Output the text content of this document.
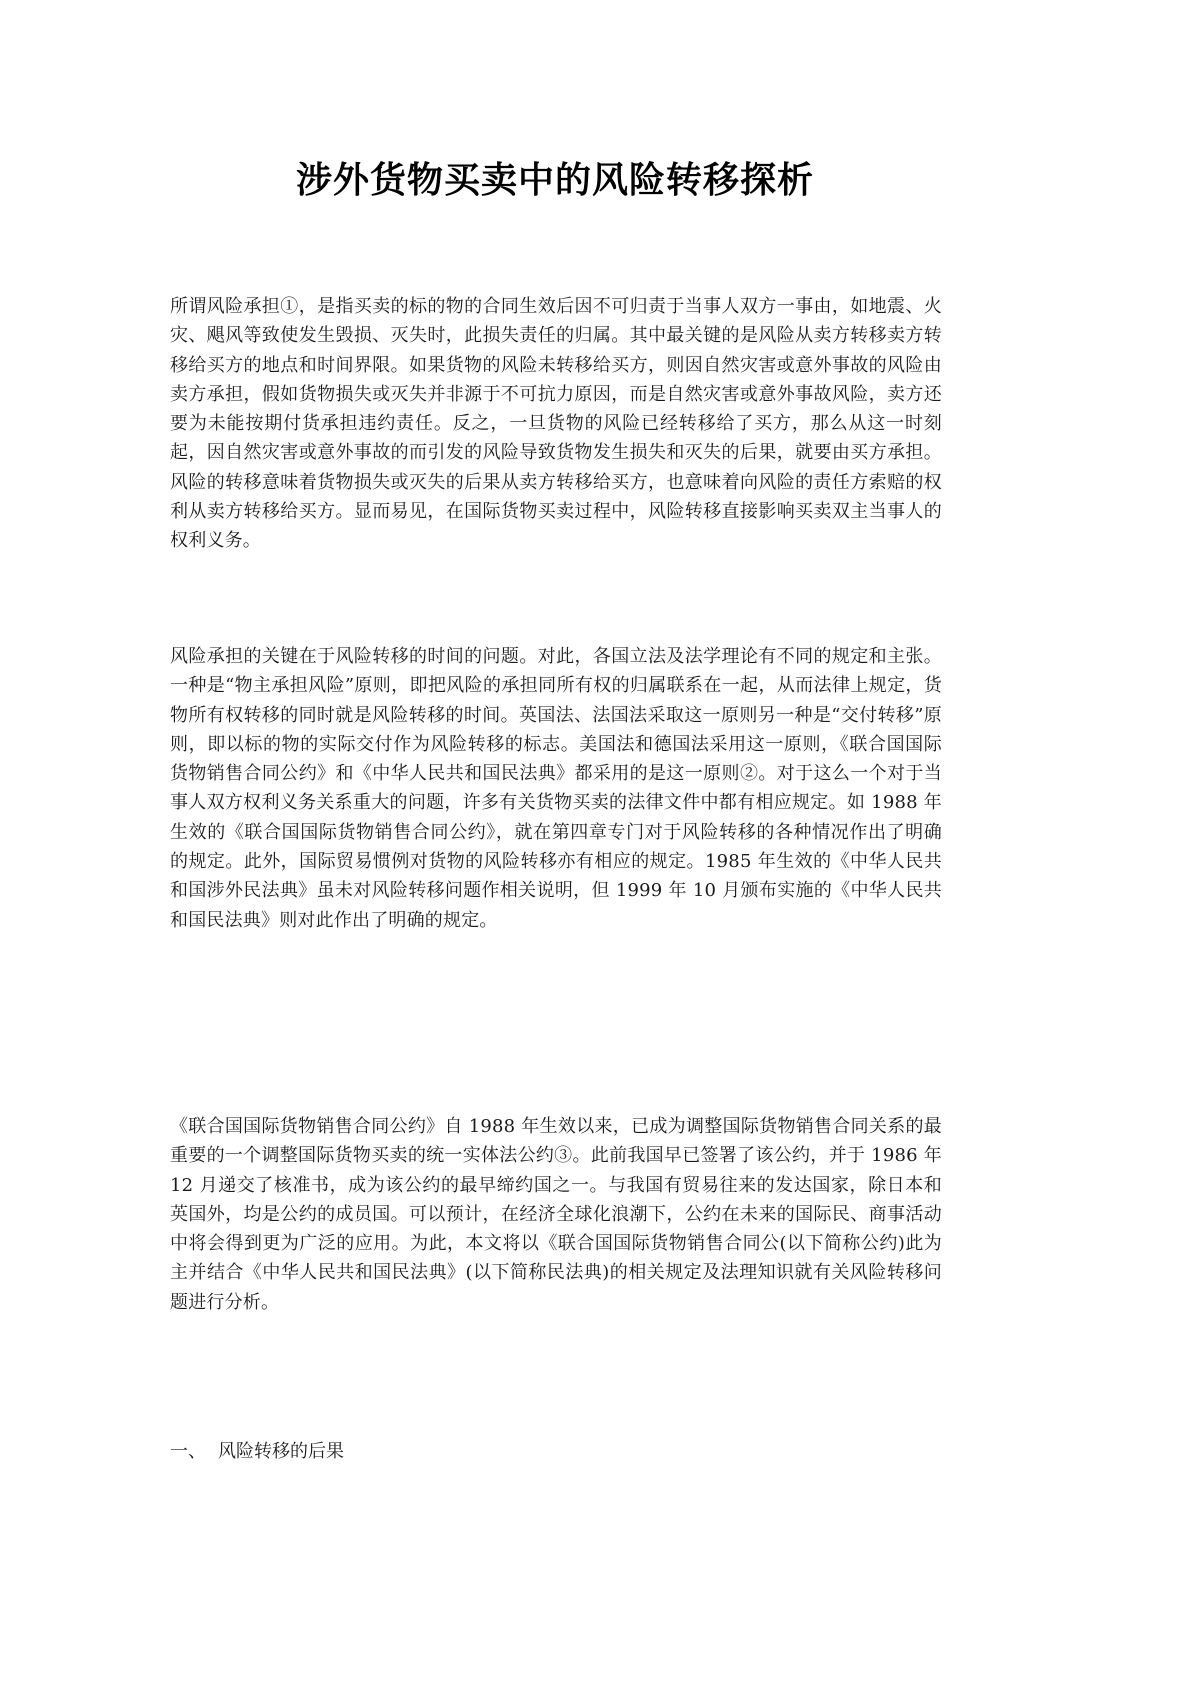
涉外货物买卖中的风险转移探析

所谓风险承担①，是指买卖的标的物的合同生效后因不可归责于当事人双方一事由，如地震、火灾、飓风等致使发生毁损、灭失时，此损失责任的归属。其中最关键的是风险从卖方转移卖方转移给买方的地点和时间界限。如果货物的风险未转移给买方，则因自然灾害或意外事故的风险由卖方承担，假如货物损失或灭失并非源于不可抗力原因，而是自然灾害或意外事故风险，卖方还要为未能按期付货承担违约责任。反之，一旦货物的风险已经转移给了买方，那么从这一时刻起，因自然灾害或意外事故的而引发的风险导致货物发生损失和灭失的后果，就要由买方承担。风险的转移意味着货物损失或灭失的后果从卖方转移给买方，也意味着向风险的责任方索赔的权利从卖方转移给买方。显而易见，在国际货物买卖过程中，风险转移直接影响买卖双主当事人的权利义务。

风险承担的关键在于风险转移的时间的问题。对此，各国立法及法学理论有不同的规定和主张。一种是“物主承担风险”原则，即把风险的承担同所有权的归属联系在一起，从而法律上规定，货物所有权转移的同时就是风险转移的时间。英国法、法国法采取这一原则另一种是“交付转移”原则，即以标的物的实际交付作为风险转移的标志。美国法和德国法采用这一原则，《联合国国际货物销售合同公约》和《中华人民共和国民法典》都采用的是这一原则②。对于这么一个对于当事人双方权利义务关系重大的问题，许多有关货物买卖的法律文件中都有相应规定。如 1988 年生效的《联合国国际货物销售合同公约》，就在第四章专门对于风险转移的各种情况作出了明确的规定。此外，国际贸易惯例对货物的风险转移亦有相应的规定。1985 年生效的《中华人民共和国涉外民法典》虽未对风险转移问题作相关说明，但 1999 年 10 月颁布实施的《中华人民共和国民法典》则对此作出了明确的规定。

《联合国国际货物销售合同公约》自 1988 年生效以来，已成为调整国际货物销售合同关系的最重要的一个调整国际货物买卖的统一实体法公约③。此前我国早已签署了该公约，并于 1986 年 12 月递交了核准书，成为该公约的最早缔约国之一。与我国有贸易往来的发达国家，除日本和英国外，均是公约的成员国。可以预计，在经济全球化浪潮下，公约在未来的国际民、商事活动中将会得到更为广泛的应用。为此，本文将以《联合国国际货物销售合同公(以下简称公约)此为主并结合《中华人民共和国民法典》(以下简称民法典)的相关规定及法理知识就有关风险转移问题进行分析。

一、 风险转移的后果
